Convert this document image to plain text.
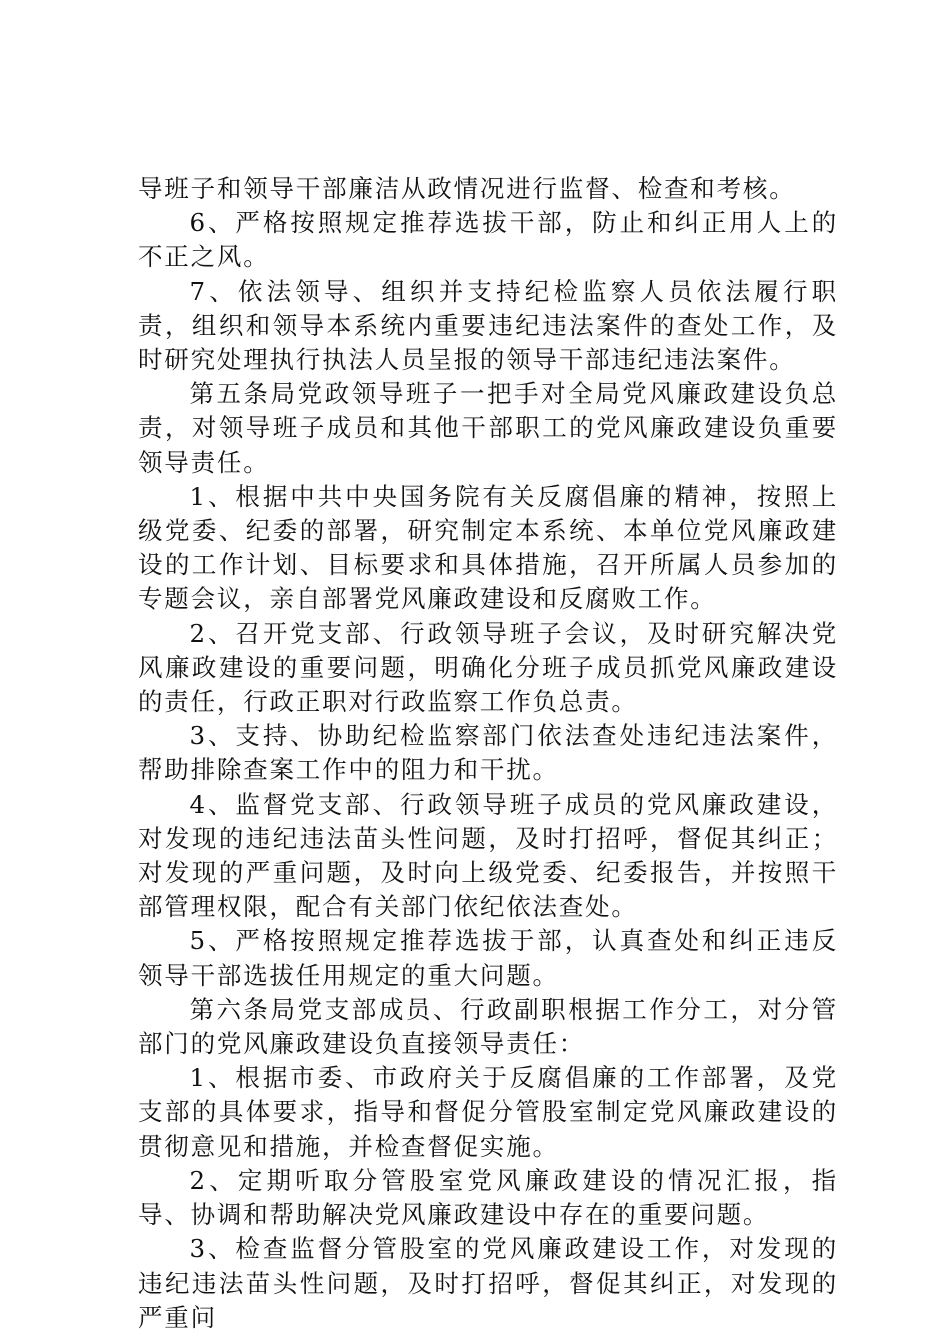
导班子和领导干部廉洁从政情况进行监督、检查和考核。

6、严格按照规定推荐选拔干部，防止和纠正用人上的不正之风。

7、依法领导、组织并支持纪检监察人员依法履行职责，组织和领导本系统内重要违纪违法案件的查处工作，及时研究处理执行执法人员呈报的领导干部违纪违法案件。

第五条局党政领导班子一把手对全局党风廉政建设负总责，对领导班子成员和其他干部职工的党风廉政建设负重要领导责任。

1、根据中共中央国务院有关反腐倡廉的精神，按照上级党委、纪委的部署，研究制定本系统、本单位党风廉政建设的工作计划、目标要求和具体措施，召开所属人员参加的专题会议，亲自部署党风廉政建设和反腐败工作。

2、召开党支部、行政领导班子会议，及时研究解决党风廉政建设的重要问题，明确化分班子成员抓党风廉政建设的责任，行政正职对行政监察工作负总责。

3、支持、协助纪检监察部门依法查处违纪违法案件，帮助排除查案工作中的阻力和干扰。

4、监督党支部、行政领导班子成员的党风廉政建设，对发现的违纪违法苗头性问题，及时打招呼，督促其纠正；对发现的严重问题，及时向上级党委、纪委报告，并按照干部管理权限，配合有关部门依纪依法查处。

5、严格按照规定推荐选拔于部，认真查处和纠正违反领导干部选拔任用规定的重大问题。

第六条局党支部成员、行政副职根据工作分工，对分管部门的党风廉政建设负直接领导责任：

1、根据市委、市政府关于反腐倡廉的工作部署，及党支部的具体要求，指导和督促分管股室制定党风廉政建设的贯彻意见和措施，并检查督促实施。

2、定期听取分管股室党风廉政建设的情况汇报，指导、协调和帮助解决党风廉政建设中存在的重要问题。

3、检查监督分管股室的党风廉政建设工作，对发现的违纪违法苗头性问题，及时打招呼，督促其纠正，对发现的严重问
